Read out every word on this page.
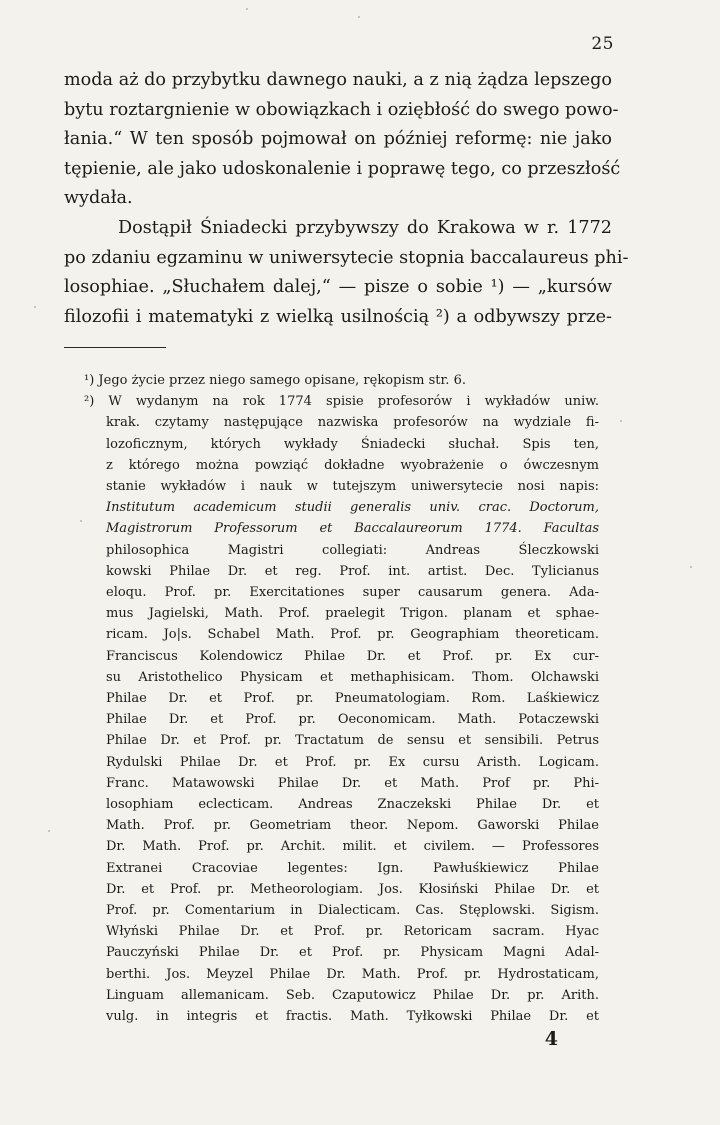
25
moda aż do przybytku dawnego nauki, a z nią żądza lepszego
bytu roztargnienie w obowiązkach i oziębłość do swego powo-
łania.“ W ten sposób pojmował on później reformę: nie jako
tępienie, ale jako udoskonalenie i poprawę tego, co przeszłość
wydała.
Dostąpił Śniadecki przybywszy do Krakowa w r. 1772
po zdaniu egzaminu w uniwersytecie stopnia baccalaureus phi-
losophiae. „Słuchałem dalej,“ — pisze o sobie ¹) — „kursów
filozofii i matematyki z wielką usilnością ²) a odbywszy prze-
¹) Jego życie przez niego samego opisane, rękopism str. 6.
²) W wydanym na rok 1774 spisie profesorów i wykładów uniw.
krak. czytamy następujące nazwiska profesorów na wydziale fi-
lozoficznym, których wykłady Śniadecki słuchał. Spis ten,
z którego można powziąć dokładne wyobrażenie o ówczesnym
stanie wykładów i nauk w tutejszym uniwersytecie nosi napis:
Institutum academicum studii generalis univ. crac. Doctorum,
Magistrorum Professorum et Baccalaureorum 1774. Facultas
philosophica Magistri collegiati: Andreas Śleczkowski
kowski Philae Dr. et reg. Prof. int. artist. Dec. Tylicianus
eloqu. Prof. pr. Exercitationes super causarum genera. Ada-
mus Jagielski, Math. Prof. praelegit Trigon. planam et sphae-
ricam. Jo|s. Schabel Math. Prof. pr. Geographiam theoreticam.
Franciscus Kolendowicz Philae Dr. et Prof. pr. Ex cur-
su Aristothelico Physicam et methaphisicam. Thom. Olchawski
Philae Dr. et Prof. pr. Pneumatologiam. Rom. Laśkiewicz
Philae Dr. et Prof. pr. Oeconomicam. Math. Potaczewski
Philae Dr. et Prof. pr. Tractatum de sensu et sensibili. Petrus
Rydulski Philae Dr. et Prof. pr. Ex cursu Aristh. Logicam.
Franc. Matawowski Philae Dr. et Math. Prof pr. Phi-
losophiam eclecticam. Andreas Znaczekski Philae Dr. et
Math. Prof. pr. Geometriam theor. Nepom. Gaworski Philae
Dr. Math. Prof. pr. Archit. milit. et civilem. — Professores
Extranei Cracoviae legentes: Ign. Pawłuśkiewicz Philae
Dr. et Prof. pr. Metheorologiam. Jos. Kłosiński Philae Dr. et
Prof. pr. Comentarium in Dialecticam. Cas. Stęplowski. Sigism.
Włyński Philae Dr. et Prof. pr. Retoricam sacram. Hyac
Pauczyński Philae Dr. et Prof. pr. Physicam Magni Adal-
berthi. Jos. Meyzel Philae Dr. Math. Prof. pr. Hydrostaticam,
Linguam allemanicam. Seb. Czaputowicz Philae Dr. pr. Arith.
vulg. in integris et fractis. Math. Tyłkowski Philae Dr. et
4
